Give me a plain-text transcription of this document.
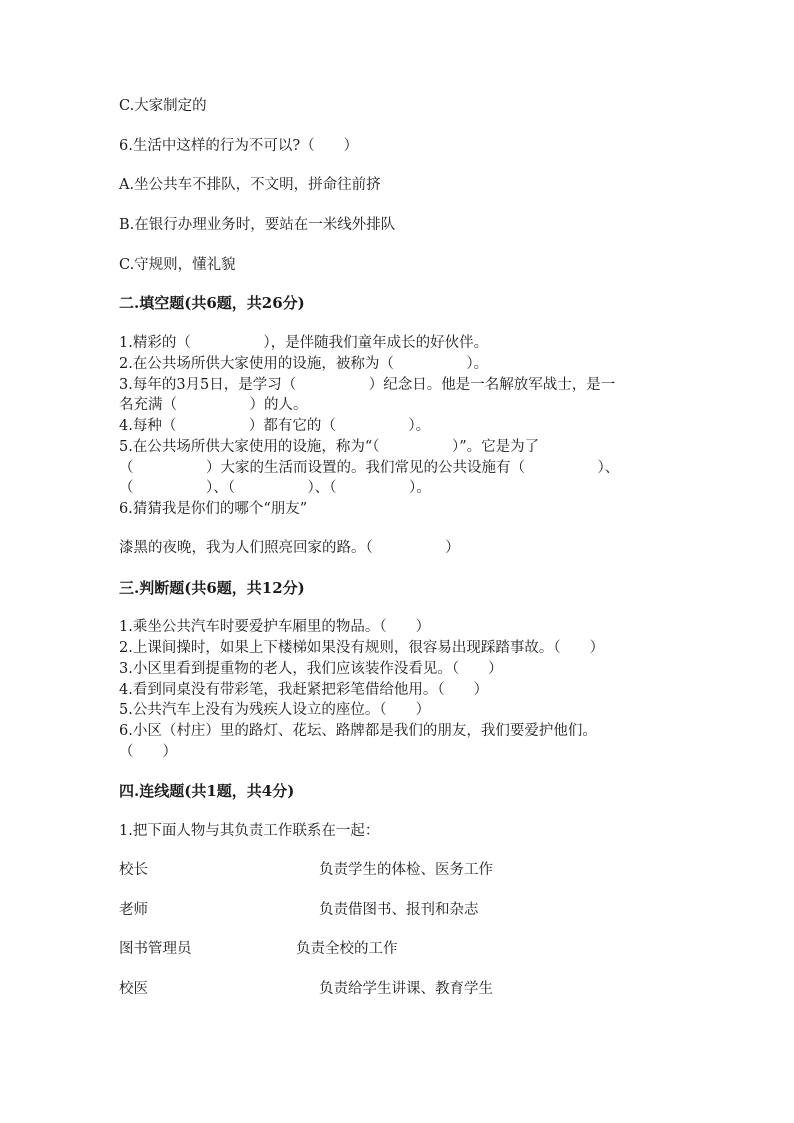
C.大家制定的
6.生活中这样的行为不可以?（　　）
A.坐公共车不排队，不文明，拼命往前挤
B.在银行办理业务时，要站在一米线外排队
C.守规则，懂礼貌
二.填空题(共6题，共26分)
1.精彩的（　　　　　），是伴随我们童年成长的好伙伴。
2.在公共场所供大家使用的设施，被称为（　　　　　）。
3.每年的3月5日，是学习（　　　　　）纪念日。他是一名解放军战士，是一
名充满（　　　　　）的人。
4.每种（　　　　　）都有它的（　　　　　）。
5.在公共场所供大家使用的设施，称为“（　　　　　）”。它是为了
（　　　　　）大家的生活而设置的。我们常见的公共设施有（　　　　　）、
（　　　　　）、（　　　　　）、（　　　　　）。
6.猜猜我是你们的哪个“朋友”
漆黑的夜晚，我为人们照亮回家的路。（　　　　　）
三.判断题(共6题，共12分)
1.乘坐公共汽车时要爱护车厢里的物品。（　　）
2.上课间操时，如果上下楼梯如果没有规则，很容易出现踩踏事故。（　　）
3.小区里看到提重物的老人，我们应该装作没看见。（　　）
4.看到同桌没有带彩笔，我赶紧把彩笔借给他用。（　　）
5.公共汽车上没有为残疾人设立的座位。（　　）
6.小区（村庄）里的路灯、花坛、路牌都是我们的朋友，我们要爱护他们。
（　　）
四.连线题(共1题，共4分)
1.把下面人物与其负责工作联系在一起：
校长	负责学生的体检、医务工作
老师	负责借图书、报刊和杂志
图书管理员	负责全校的工作
校医	负责给学生讲课、教育学生
